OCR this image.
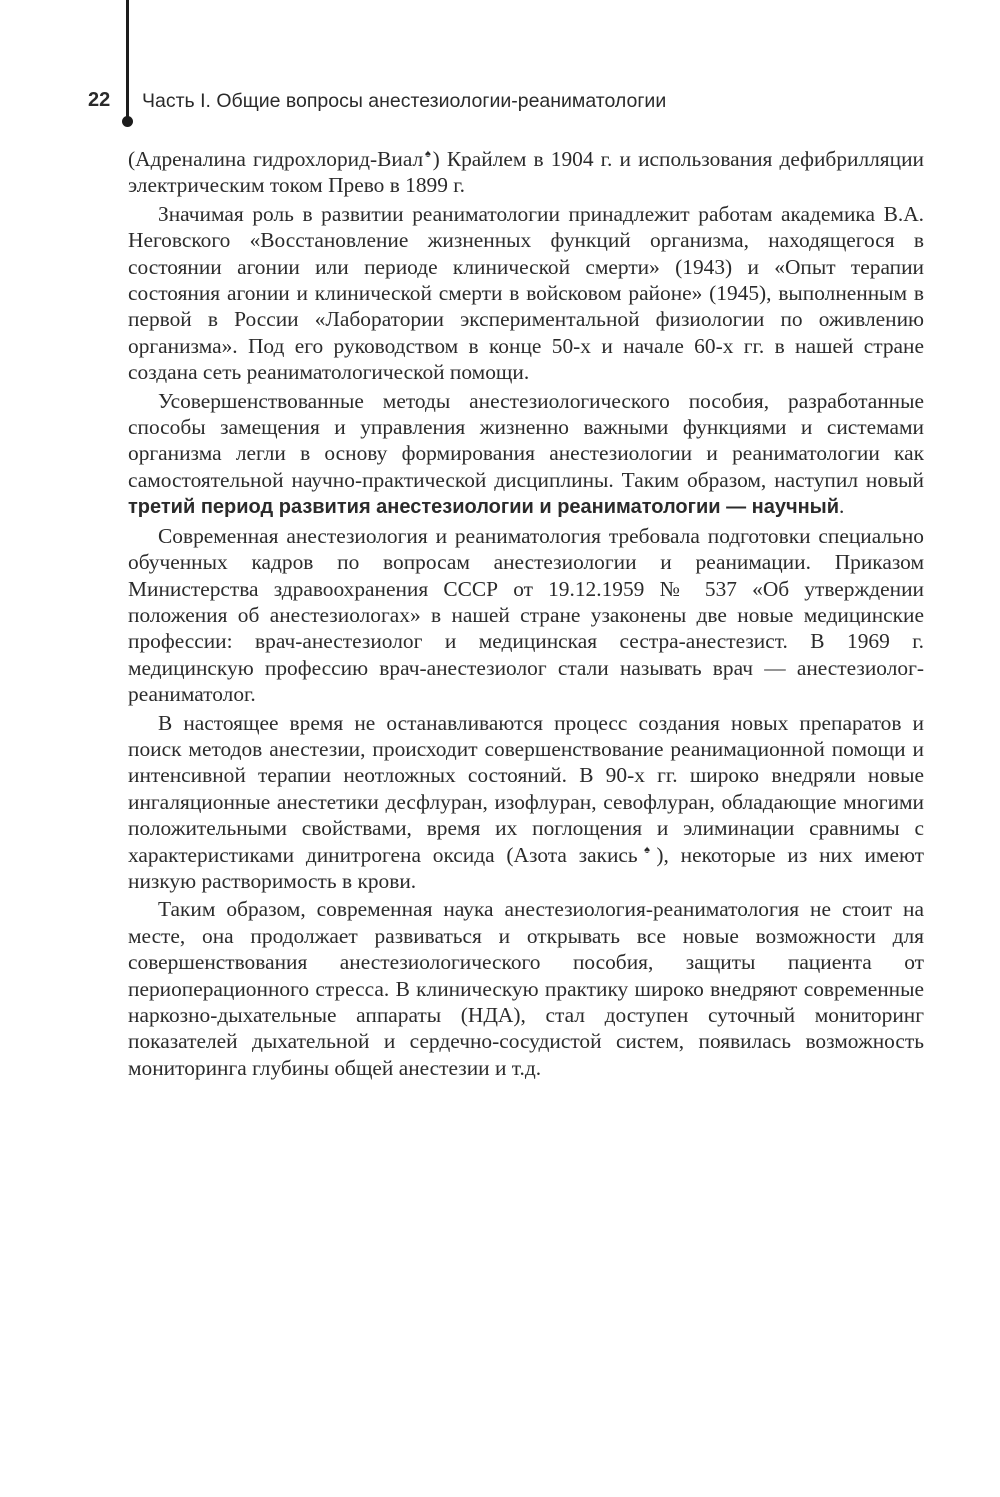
22 Часть I. Общие вопросы анестезиологии-реаниматологии

(Адреналина гидрохлорид-Виал♠) Крайлем в 1904 г. и использования дефибрилляции электрическим током Прево в 1899 г.

Значимая роль в развитии реаниматологии принадлежит работам академика В.А. Неговского «Восстановление жизненных функций организма, находящегося в состоянии агонии или периоде клинической смерти» (1943) и «Опыт терапии состояния агонии и клинической смерти в войсковом районе» (1945), выполненным в первой в России «Лаборатории экспериментальной физиологии по оживлению организма». Под его руководством в конце 50-х и начале 60-х гг. в нашей стране создана сеть реаниматологической помощи.

Усовершенствованные методы анестезиологического пособия, разработанные способы замещения и управления жизненно важными функциями и системами организма легли в основу формирования анестезиологии и реаниматологии как самостоятельной научно-практической дисциплины. Таким образом, наступил новый третий период развития анестезиологии и реаниматологии — научный.

Современная анестезиология и реаниматология требовала подготовки специально обученных кадров по вопросам анестезиологии и реанимации. Приказом Министерства здравоохранения СССР от 19.12.1959 № 537 «Об утверждении положения об анестезиологах» в нашей стране узаконены две новые медицинские профессии: врач-анестезиолог и медицинская сестра-анестезист. В 1969 г. медицинскую профессию врач-анестезиолог стали называть врач — анестезиолог-реаниматолог.

В настоящее время не останавливаются процесс создания новых препаратов и поиск методов анестезии, происходит совершенствование реанимационной помощи и интенсивной терапии неотложных состояний. В 90-х гг. широко внедряли новые ингаляционные анестетики десфлуран, изофлуран, севофлуран, обладающие многими положительными свойствами, время их поглощения и элиминации сравнимы с характеристиками динитрогена оксида (Азота закись♠), некоторые из них имеют низкую растворимость в крови.

Таким образом, современная наука анестезиология-реаниматология не стоит на месте, она продолжает развиваться и открывать все новые возможности для совершенствования анестезиологического пособия, защиты пациента от периоперационного стресса. В клиническую практику широко внедряют современные наркозно-дыхательные аппараты (НДА), стал доступен суточный мониторинг показателей дыхательной и сердечно-сосудистой систем, появилась возможность мониторинга глубины общей анестезии и т.д.
